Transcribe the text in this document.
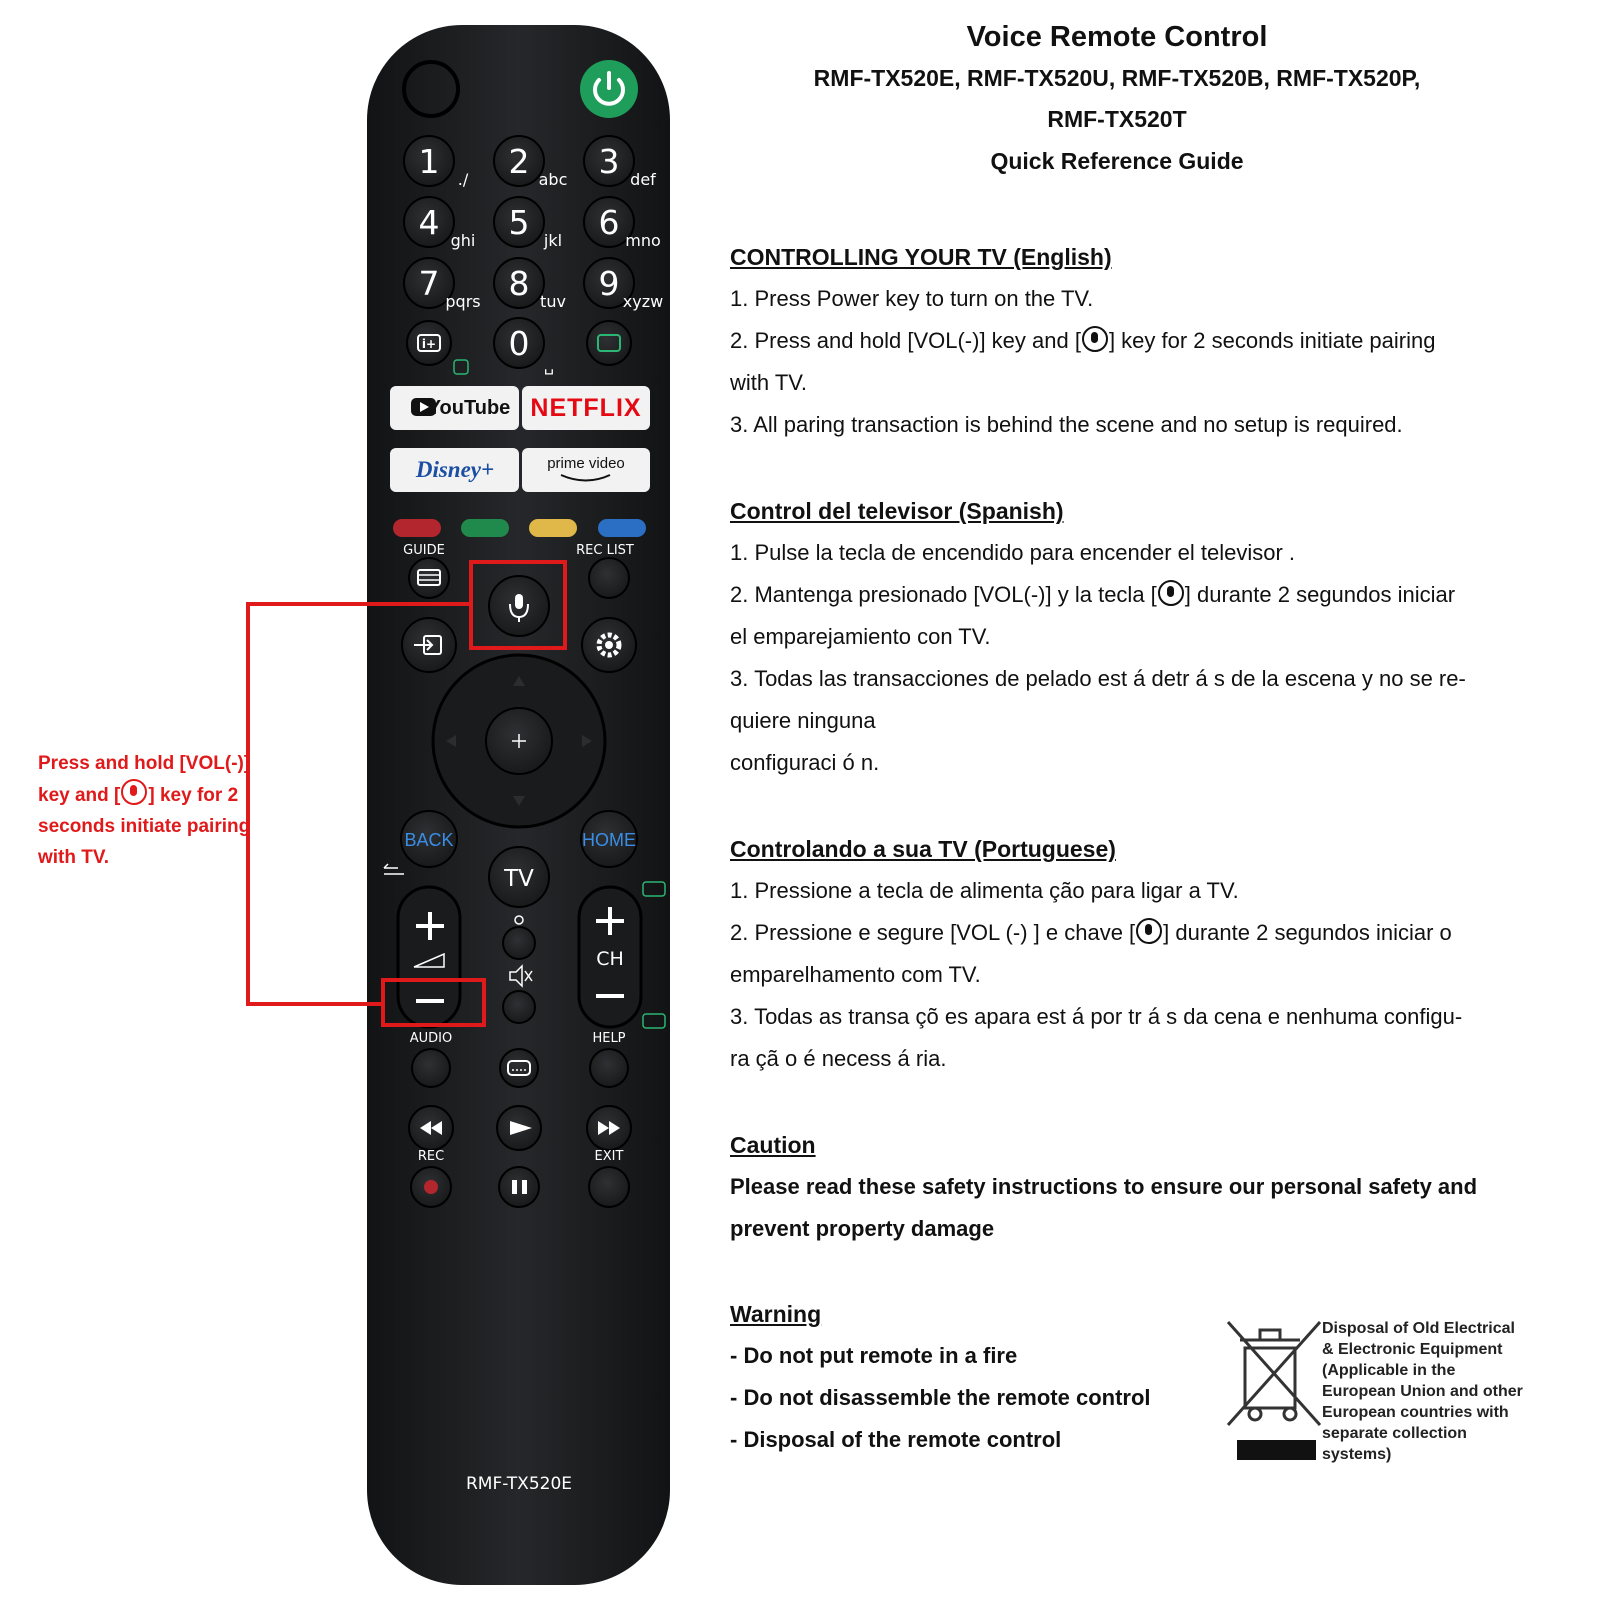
1 ./ 2 abc 3 def
4 ghi 5 jkl 6 mno
7 pqrs 8 tuv 9 xyzw
0
␣
i+
YouTube NETFLIX
Disney+	prime video
GUIDE	REC LIST
BACK	HOME
TV
CH
AUDIO	HELP
REC	EXIT
RMF-TX520E
Press and hold [VOL(-)]
key and [ ] key for 2
seconds initiate pairing
with TV.
Voice Remote Control
RMF-TX520E, RMF-TX520U, RMF-TX520B, RMF-TX520P,
RMF-TX520T
Quick Reference Guide
CONTROLLING YOUR TV (English)
1. Press Power key to turn on the TV.
2. Press and hold [VOL(-)] key and [ ] key for 2 seconds initiate pairing
with TV.
3. All paring transaction is behind the scene and no setup is required.
Control del televisor (Spanish)
1. Pulse la tecla de encendido para encender el televisor .
2. Mantenga presionado [VOL(-)] y la tecla [ ] durante 2 segundos iniciar
el emparejamiento con TV.
3. Todas las transacciones de pelado est á detr á s de la escena y no se re-
quiere ninguna
configuraci ó n.
Controlando a sua TV (Portuguese)
1. Pressione a tecla de alimenta ção para ligar a TV.
2. Pressione e segure [VOL (-) ] e chave [ ] durante 2 segundos iniciar o
emparelhamento com TV.
3. Todas as transa çõ es apara est á por tr á s da cena e nenhuma configu-
ra çã o é necess á ria.
Caution
Please read these safety instructions to ensure our personal safety and
prevent property damage
Warning
- Do not put remote in a fire
- Do not disassemble the remote control
- Disposal of the remote control
Disposal of Old Electrical
& Electronic Equipment
(Applicable in the
European Union and other
European countries with
separate collection
systems)
